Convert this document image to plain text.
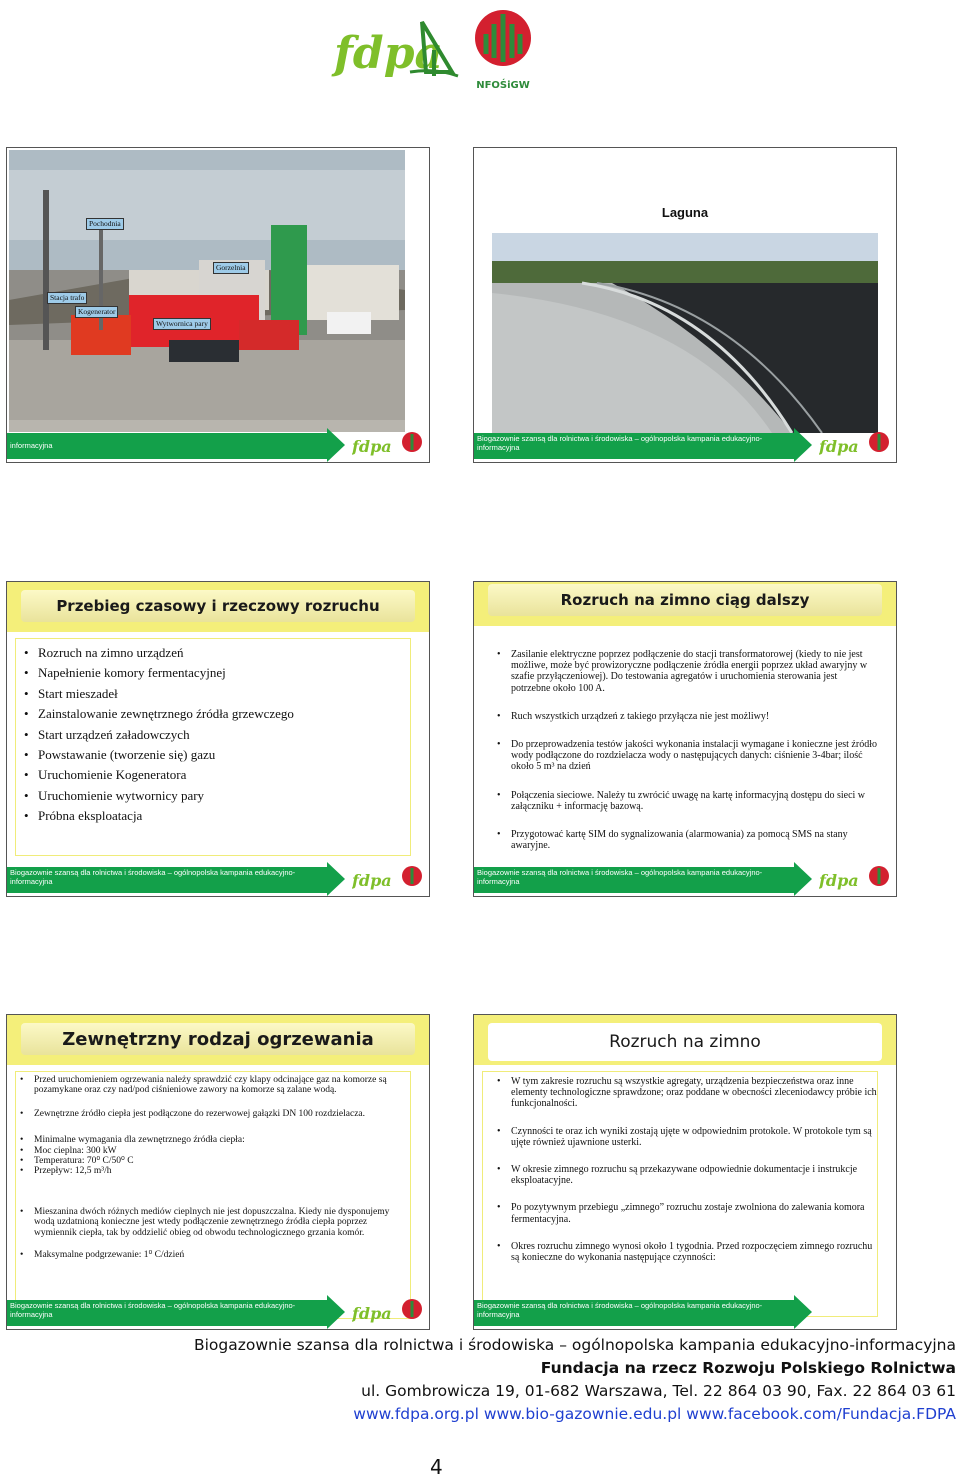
fdpa
NFOŚiGW
Pochodnia
Gorzelnia
Stacja trafo
Kogenerator
Wytwornica pary
informacyjna	fdpa
Laguna
Biogazownie szansą dla rolnictwa i środowiska – ogólnopolska kampania edukacyjno-informacyjna	fdpa
Przebieg czasowy i rzeczowy rozruchu
• Rozruch na zimno urządzeń
• Napełnienie komory fermentacyjnej
• Start mieszadeł
• Zainstalowanie zewnętrznego źródła grzewczego
• Start urządzeń załadowczych
• Powstawanie (tworzenie się) gazu
• Uruchomienie Kogeneratora
• Uruchomienie wytwornicy pary
• Próbna eksploatacja
Biogazownie szansą dla rolnictwa i środowiska – ogólnopolska kampania edukacyjno-informacyjna	fdpa
Rozruch na zimno ciąg dalszy
• Zasilanie elektryczne poprzez podłączenie do stacji transformatorowej (kiedy to nie jest możliwe, może być prowizoryczne podłączenie źródła energii poprzez układ awaryjny w szafie przyłączeniowej). Do testowania agregatów i uruchomienia sterowania jest potrzebne około 100 A.
• Ruch wszystkich urządzeń z takiego przyłącza nie jest możliwy!
• Do przeprowadzenia testów jakości wykonania instalacji wymagane i konieczne jest źródło wody podłączone do rozdzielacza wody o następujących danych: ciśnienie 3-4bar; ilość około 5 m³ na dzień
• Połączenia sieciowe. Należy tu zwrócić uwagę na kartę informacyjną dostępu do sieci w załączniku + informację bazową.
• Przygotować kartę SIM do sygnalizowania (alarmowania) za pomocą SMS na stany awaryjne.
Biogazownie szansą dla rolnictwa i środowiska – ogólnopolska kampania edukacyjno-informacyjna	fdpa
Zewnętrzny rodzaj ogrzewania
• Przed uruchomieniem ogrzewania należy sprawdzić czy klapy odcinające gaz na komorze są pozamykane oraz czy nad/pod ciśnieniowe zawory na komorze są zalane wodą.
• Zewnętrzne źródło ciepła jest podłączone do rezerwowej gałązki DN 100 rozdzielacza.
• Minimalne wymagania dla zewnętrznego źródła ciepła:
• Moc cieplna: 300 kW
• Temperatura: 70⁰ C/50⁰ C
• Przepływ: 12,5 m³/h
• Mieszanina dwóch różnych mediów cieplnych nie jest dopuszczalna. Kiedy nie dysponujemy wodą uzdatnioną konieczne jest wtedy podłączenie zewnętrznego źródła ciepła poprzez wymiennik ciepła, tak by oddzielić obieg od obwodu technologicznego grzania komór.
• Maksymalne podgrzewanie: 1⁰ C/dzień
Biogazownie szansą dla rolnictwa i środowiska – ogólnopolska kampania edukacyjno-informacyjna	fdpa
Rozruch na zimno
• W tym zakresie rozruchu są wszystkie agregaty, urządzenia bezpieczeństwa oraz inne elementy technologiczne sprawdzone; oraz poddane w obecności zleceniodawcy próbie ich funkcjonalności.
• Czynności te oraz ich wyniki zostają ujęte w odpowiednim protokole. W protokole tym są ujęte również ujawnione usterki.
• W okresie zimnego rozruchu są przekazywane odpowiednie dokumentacje i instrukcje eksploatacyjne.
• Po pozytywnym przebiegu „zimnego” rozruchu zostaje zwolniona do zalewania komora fermentacyjna.
• Okres rozruchu zimnego wynosi około 1 tygodnia. Przed rozpoczęciem zimnego rozruchu są konieczne do wykonania następujące czynności:
Biogazownie szansą dla rolnictwa i środowiska – ogólnopolska kampania edukacyjno-informacyjna
Biogazownie szansa dla rolnictwa i środowiska – ogólnopolska kampania edukacyjno-informacyjna
Fundacja na rzecz Rozwoju Polskiego Rolnictwa
ul. Gombrowicza 19, 01-682 Warszawa, Tel. 22 864 03 90, Fax. 22 864 03 61
www.fdpa.org.pl www.bio-gazownie.edu.pl www.facebook.com/Fundacja.FDPA
4
